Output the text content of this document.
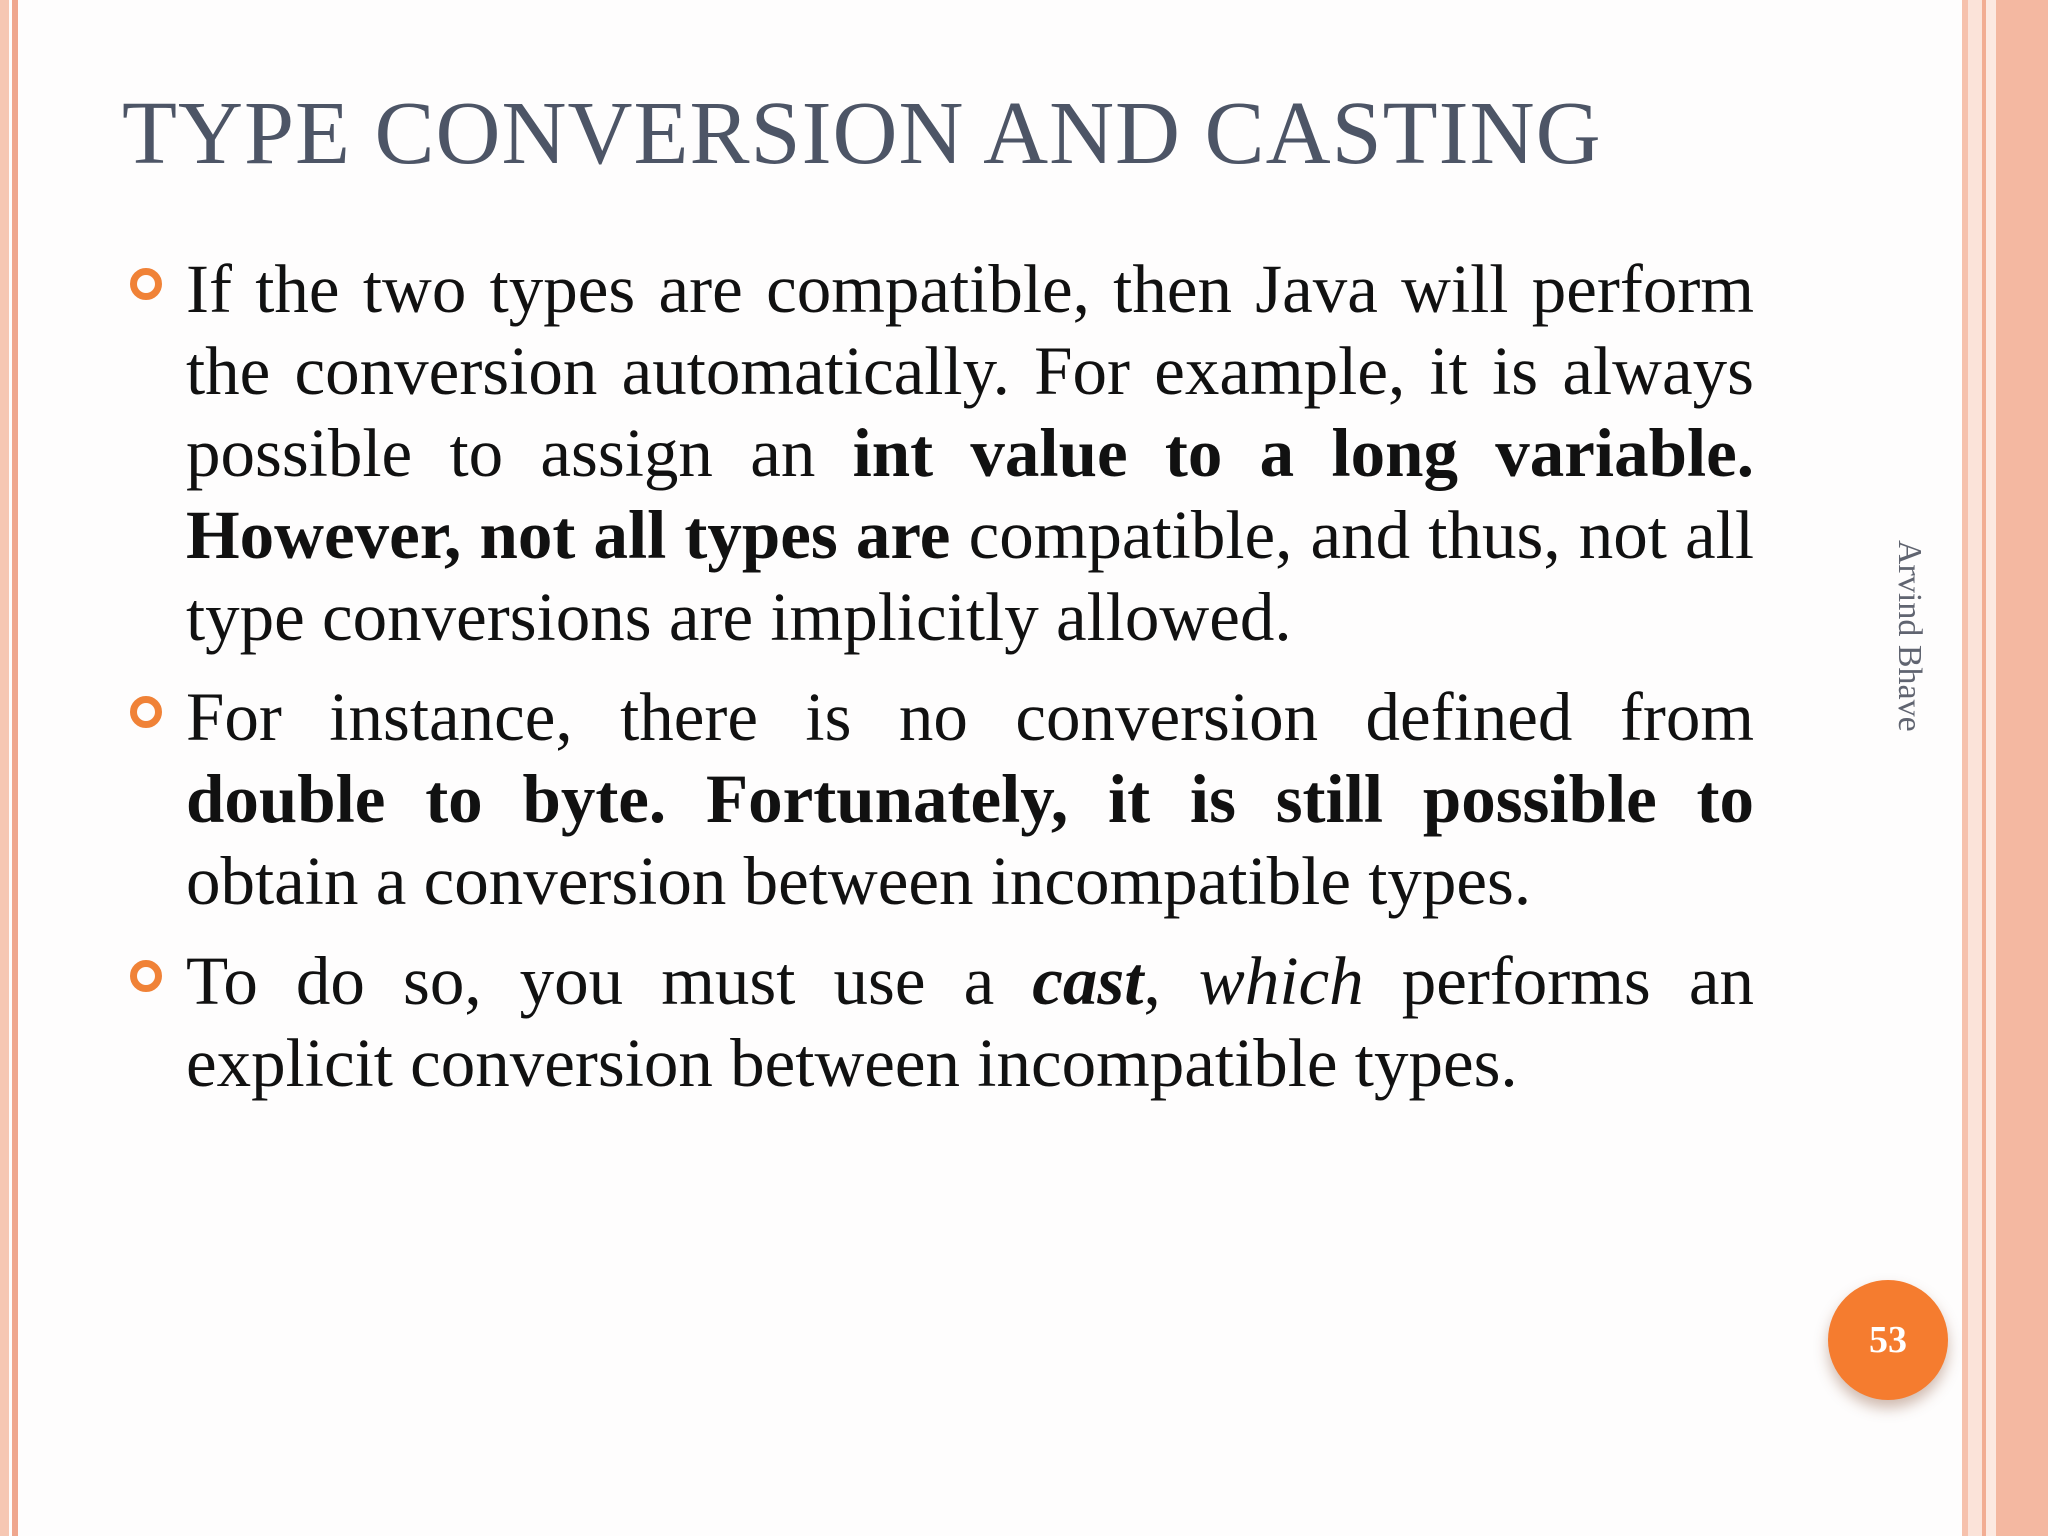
TYPE CONVERSION AND CASTING

If the two types are compatible, then Java will perform the conversion automatically. For example, it is always possible to assign an int value to a long variable. However, not all types are compatible, and thus, not all type conversions are implicitly allowed.

For instance, there is no conversion defined from double to byte. Fortunately, it is still possible to obtain a conversion between incompatible types.

To do so, you must use a cast, which performs an explicit conversion between incompatible types.

Arvind Bhave
53
